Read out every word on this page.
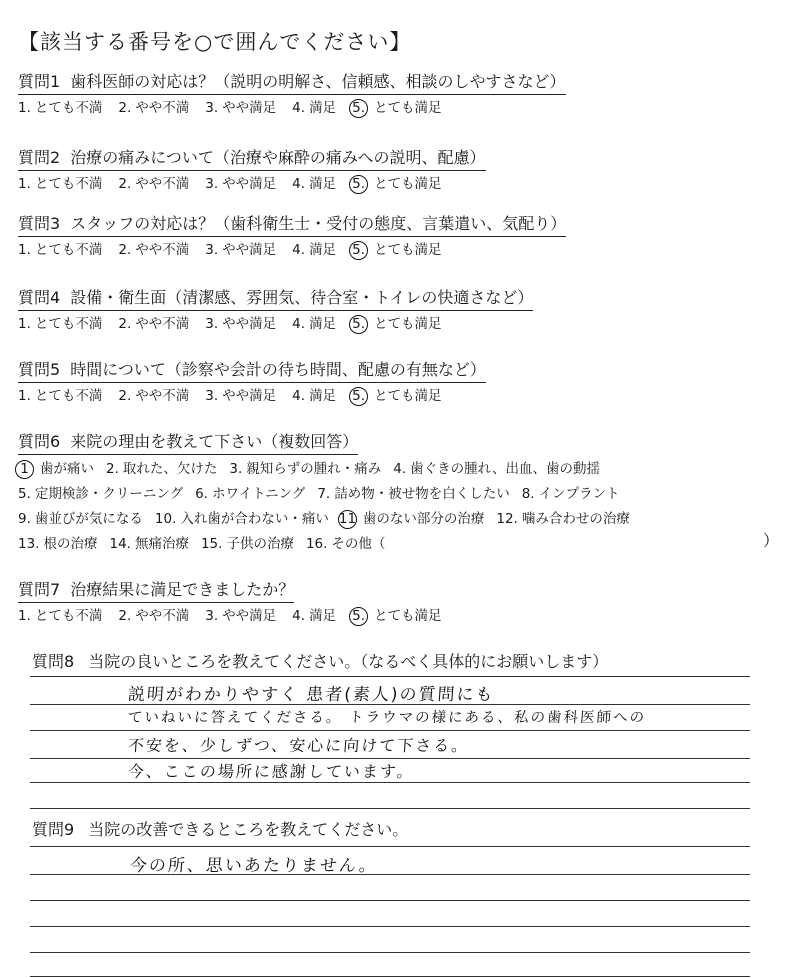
【該当する番号を○で囲んでください】
質問1 歯科医師の対応は？（説明の明解さ、信頼感、相談のしやすさなど）
1. とても不満 2. やや不満 3. やや満足 4. 満足 5. とても満足
質問2 治療の痛みについて（治療や麻酔の痛みへの説明、配慮）
1. とても不満 2. やや不満 3. やや満足 4. 満足 5. とても満足
質問3 スタッフの対応は？（歯科衛生士・受付の態度、言葉遣い、気配り）
1. とても不満 2. やや不満 3. やや満足 4. 満足 5. とても満足
質問4 設備・衛生面（清潔感、雰囲気、待合室・トイレの快適さなど）
1. とても不満 2. やや不満 3. やや満足 4. 満足 5. とても満足
質問5 時間について（診察や会計の待ち時間、配慮の有無など）
1. とても不満 2. やや不満 3. やや満足 4. 満足 5. とても満足
質問6 来院の理由を教えて下さい（複数回答）
1 歯が痛い 2. 取れた、欠けた 3. 親知らずの腫れ・痛み 4. 歯ぐきの腫れ、出血、歯の動揺
5. 定期検診・クリーニング 6. ホワイトニング 7. 詰め物・被せ物を白くしたい 8. インプラント
9. 歯並びが気になる 10. 入れ歯が合わない・痛い 11 歯のない部分の治療 12. 噛み合わせの治療
13. 根の治療 14. 無痛治療 15. 子供の治療 16. その他（	）
質問7 治療結果に満足できましたか？
1. とても不満 2. やや不満 3. やや満足 4. 満足 5. とても満足
質問8 当院の良いところを教えてください。（なるべく具体的にお願いします）
説明がわかりやすく 患者(素人)の質問にも
ていねいに答えてくださる。 トラウマの様にある、私の歯科医師への
不安を、少しずつ、安心に向けて下さる。
今、ここの場所に感謝しています。
質問9 当院の改善できるところを教えてください。
今の所、思いあたりません。
